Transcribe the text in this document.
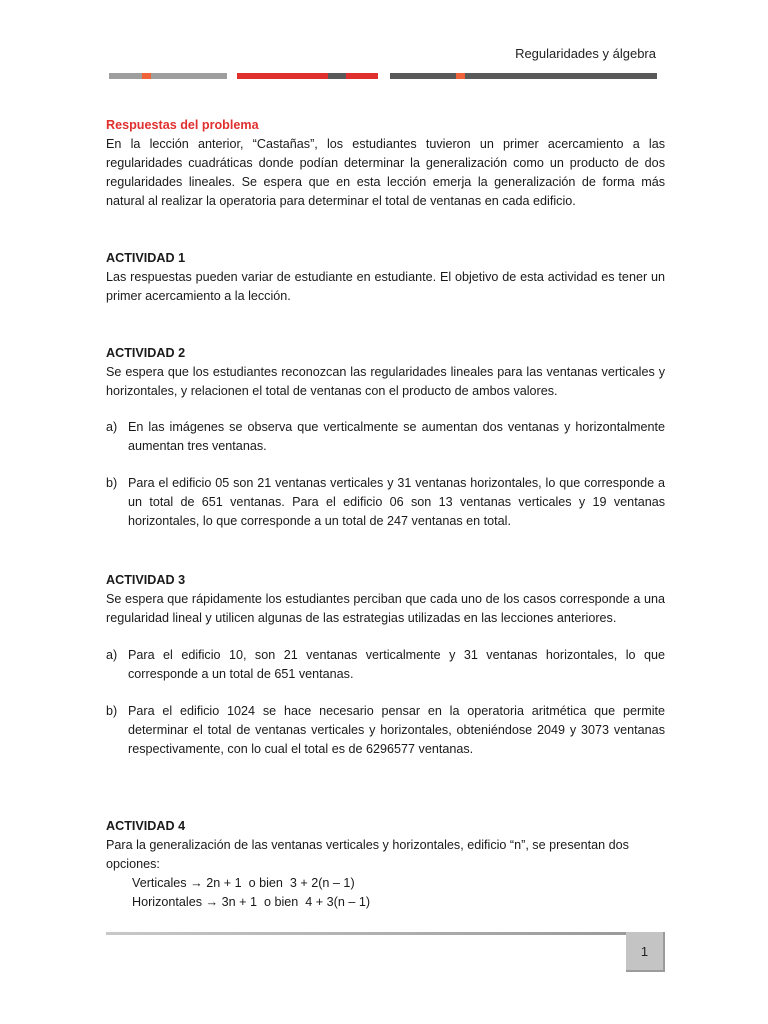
Regularidades y álgebra

Respuestas del problema

En la lección anterior, “Castañas”, los estudiantes tuvieron un primer acercamiento a las regularidades cuadráticas donde podían determinar la generalización como un producto de dos regularidades lineales. Se espera que en esta lección emerja la generalización de forma más natural al realizar la operatoria para determinar el total de ventanas en cada edificio.

ACTIVIDAD 1

Las respuestas pueden variar de estudiante en estudiante. El objetivo de esta actividad es tener un primer acercamiento a la lección.

ACTIVIDAD 2

Se espera que los estudiantes reconozcan las regularidades lineales para las ventanas verticales y horizontales, y relacionen el total de ventanas con el producto de ambos valores.

a) En las imágenes se observa que verticalmente se aumentan dos ventanas y horizontalmente aumentan tres ventanas.

b) Para el edificio 05 son 21 ventanas verticales y 31 ventanas horizontales, lo que corresponde a un total de 651 ventanas. Para el edificio 06 son 13 ventanas verticales y 19 ventanas horizontales, lo que corresponde a un total de 247 ventanas en total.

ACTIVIDAD 3

Se espera que rápidamente los estudiantes perciban que cada uno de los casos corresponde a una regularidad lineal y utilicen algunas de las estrategias utilizadas en las lecciones anteriores.

a) Para el edificio 10, son 21 ventanas verticalmente y 31 ventanas horizontales, lo que corresponde a un total de 651 ventanas.

b) Para el edificio 1024 se hace necesario pensar en la operatoria aritmética que permite determinar el total de ventanas verticales y horizontales, obteniéndose 2049 y 3073 ventanas respectivamente, con lo cual el total es de 6296577 ventanas.

ACTIVIDAD 4

Para la generalización de las ventanas verticales y horizontales, edificio “n”, se presentan dos opciones:

Verticales → 2n + 1  o bien  3 + 2(n – 1)

Horizontales → 3n + 1  o bien  4 + 3(n – 1)

1
